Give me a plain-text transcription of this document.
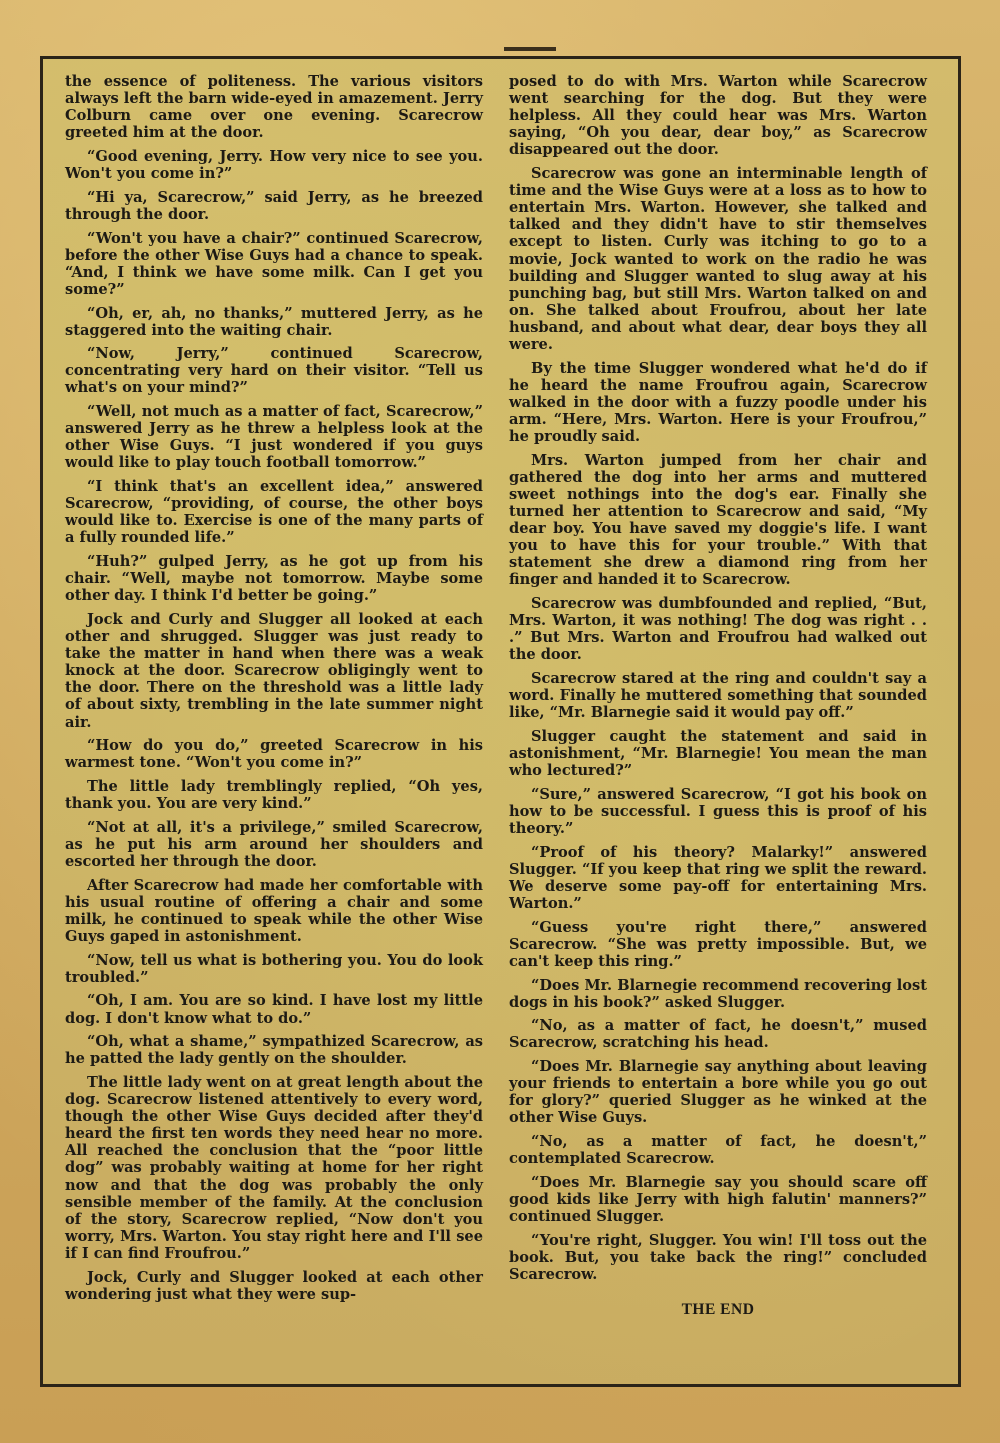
the essence of politeness. The various visitors always left the barn wide-eyed in amazement. Jerry Colburn came over one evening. Scarecrow greeted him at the door.

“Good evening, Jerry. How very nice to see you. Won't you come in?”

“Hi ya, Scarecrow,” said Jerry, as he breezed through the door.

“Won't you have a chair?” continued Scarecrow, before the other Wise Guys had a chance to speak. “And, I think we have some milk. Can I get you some?”

“Oh, er, ah, no thanks,” muttered Jerry, as he staggered into the waiting chair.

“Now, Jerry,” continued Scarecrow, concentrating very hard on their visitor. “Tell us what's on your mind?”

“Well, not much as a matter of fact, Scarecrow,” answered Jerry as he threw a helpless look at the other Wise Guys. “I just wondered if you guys would like to play touch football tomorrow.”

“I think that's an excellent idea,” answered Scarecrow, “providing, of course, the other boys would like to. Exercise is one of the many parts of a fully rounded life.”

“Huh?” gulped Jerry, as he got up from his chair. “Well, maybe not tomorrow. Maybe some other day. I think I'd better be going.”

Jock and Curly and Slugger all looked at each other and shrugged. Slugger was just ready to take the matter in hand when there was a weak knock at the door. Scarecrow obligingly went to the door. There on the threshold was a little lady of about sixty, trembling in the late summer night air.

“How do you do,” greeted Scarecrow in his warmest tone. “Won't you come in?”

The little lady tremblingly replied, “Oh yes, thank you. You are very kind.”

“Not at all, it's a privilege,” smiled Scarecrow, as he put his arm around her shoulders and escorted her through the door.

After Scarecrow had made her comfortable with his usual routine of offering a chair and some milk, he continued to speak while the other Wise Guys gaped in astonishment.

“Now, tell us what is bothering you. You do look troubled.”

“Oh, I am. You are so kind. I have lost my little dog. I don't know what to do.”

“Oh, what a shame,” sympathized Scarecrow, as he patted the lady gently on the shoulder.

The little lady went on at great length about the dog. Scarecrow listened attentively to every word, though the other Wise Guys decided after they'd heard the first ten words they need hear no more. All reached the conclusion that the “poor little dog” was probably waiting at home for her right now and that the dog was probably the only sensible member of the family. At the conclusion of the story, Scarecrow replied, “Now don't you worry, Mrs. Warton. You stay right here and I'll see if I can find Froufrou.”

Jock, Curly and Slugger looked at each other wondering just what they were sup-

posed to do with Mrs. Warton while Scarecrow went searching for the dog. But they were helpless. All they could hear was Mrs. Warton saying, “Oh you dear, dear boy,” as Scarecrow disappeared out the door.

Scarecrow was gone an interminable length of time and the Wise Guys were at a loss as to how to entertain Mrs. Warton. However, she talked and talked and they didn't have to stir themselves except to listen. Curly was itching to go to a movie, Jock wanted to work on the radio he was building and Slugger wanted to slug away at his punching bag, but still Mrs. Warton talked on and on. She talked about Froufrou, about her late husband, and about what dear, dear boys they all were.

By the time Slugger wondered what he'd do if he heard the name Froufrou again, Scarecrow walked in the door with a fuzzy poodle under his arm. “Here, Mrs. Warton. Here is your Froufrou,” he proudly said.

Mrs. Warton jumped from her chair and gathered the dog into her arms and muttered sweet nothings into the dog's ear. Finally she turned her attention to Scarecrow and said, “My dear boy. You have saved my doggie's life. I want you to have this for your trouble.” With that statement she drew a diamond ring from her finger and handed it to Scarecrow.

Scarecrow was dumbfounded and replied, “But, Mrs. Warton, it was nothing! The dog was right . . .” But Mrs. Warton and Froufrou had walked out the door.

Scarecrow stared at the ring and couldn't say a word. Finally he muttered something that sounded like, “Mr. Blarnegie said it would pay off.”

Slugger caught the statement and said in astonishment, “Mr. Blarnegie! You mean the man who lectured?”

“Sure,” answered Scarecrow, “I got his book on how to be successful. I guess this is proof of his theory.”

“Proof of his theory? Malarky!” answered Slugger. “If you keep that ring we split the reward. We deserve some pay-off for entertaining Mrs. Warton.”

“Guess you're right there,” answered Scarecrow. “She was pretty impossible. But, we can't keep this ring.”

“Does Mr. Blarnegie recommend recovering lost dogs in his book?” asked Slugger.

“No, as a matter of fact, he doesn't,” mused Scarecrow, scratching his head.

“Does Mr. Blarnegie say anything about leaving your friends to entertain a bore while you go out for glory?” queried Slugger as he winked at the other Wise Guys.

“No, as a matter of fact, he doesn't,” contemplated Scarecrow.

“Does Mr. Blarnegie say you should scare off good kids like Jerry with high falutin' manners?” continued Slugger.

“You're right, Slugger. You win! I'll toss out the book. But, you take back the ring!” concluded Scarecrow.

THE END
